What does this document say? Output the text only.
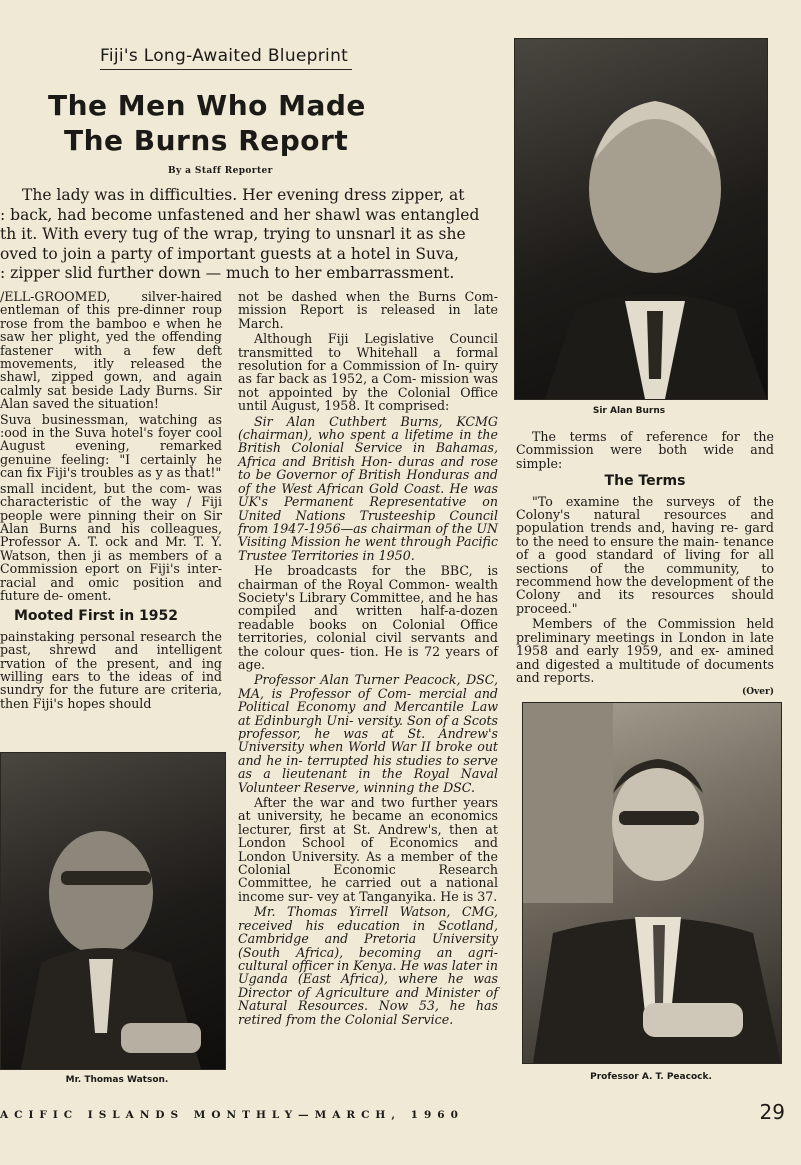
Fiji's Long-Awaited Blueprint
The Men Who Made
The Burns Report
By a Staff Reporter

The lady was in difficulties. Her evening dress zipper, at

: back, had become unfastened and her shawl was entangled

th it. With every tug of the wrap, trying to unsnarl it as she

oved to join a party of important guests at a hotel in Suva,

: zipper slid further down — much to her embarrassment.

/ELL-GROOMED, silver-haired entleman of this pre-dinner roup rose from the bamboo e when he saw her plight, yed the offending fastener with a few deft movements, itly released the shawl, zipped gown, and again calmly sat beside Lady Burns. Sir Alan saved the situation!

Suva businessman, watching as :ood in the Suva hotel's foyer cool August evening, remarked genuine feeling: "I certainly he can fix Fiji's troubles as y as that!"

small incident, but the com- was characteristic of the way / Fiji people were pinning their on Sir Alan Burns and his colleagues, Professor A. T. ock and Mr. T. Y. Watson, then ji as members of a Commission eport on Fiji's inter-racial and omic position and future de- oment.

Mooted First in 1952

painstaking personal research the past, shrewd and intelligent rvation of the present, and ing willing ears to the ideas of ind sundry for the future are criteria, then Fiji's hopes should

Mr. Thomas Watson.

not be dashed when the Burns Com- mission Report is released in late March.

Although Fiji Legislative Council transmitted to Whitehall a formal resolution for a Commission of In- quiry as far back as 1952, a Com- mission was not appointed by the Colonial Office until August, 1958. It comprised:

Sir Alan Cuthbert Burns, KCMG (chairman), who spent a lifetime in the British Colonial Service in Bahamas, Africa and British Hon- duras and rose to be Governor of British Honduras and of the West African Gold Coast. He was UK's Permanent Representative on United Nations Trusteeship Council from 1947-1956—as chairman of the UN Visiting Mission he went through Pacific Trustee Territories in 1950.

He broadcasts for the BBC, is chairman of the Royal Common- wealth Society's Library Committee, and he has compiled and written half-a-dozen readable books on Colonial Office territories, colonial civil servants and the colour ques- tion. He is 72 years of age.

Professor Alan Turner Peacock, DSC, MA, is Professor of Com- mercial and Political Economy and Mercantile Law at Edinburgh Uni- versity. Son of a Scots professor, he was at St. Andrew's University when World War II broke out and he in- terrupted his studies to serve as a lieutenant in the Royal Naval Volunteer Reserve, winning the DSC.

After the war and two further years at university, he became an economics lecturer, first at St. Andrew's, then at London School of Economics and London University. As a member of the Colonial Economic Research Committee, he carried out a national income sur- vey at Tanganyika. He is 37.

Mr. Thomas Yirrell Watson, CMG, received his education in Scotland, Cambridge and Pretoria University (South Africa), becoming an agri- cultural officer in Kenya. He was later in Uganda (East Africa), where he was Director of Agriculture and Minister of Natural Resources. Now 53, he has retired from the Colonial Service.

Sir Alan Burns

The terms of reference for the Commission were both wide and simple:

The Terms

"To examine the surveys of the Colony's natural resources and population trends and, having re- gard to the need to ensure the main- tenance of a good standard of living for all sections of the community, to recommend how the development of the Colony and its resources should proceed."

Members of the Commission held preliminary meetings in London in late 1958 and early 1959, and ex- amined and digested a multitude of documents and reports.

(Over)
Professor A. T. Peacock.
ACIFIC ISLANDS MONTHLY—MARCH, 1960	29
